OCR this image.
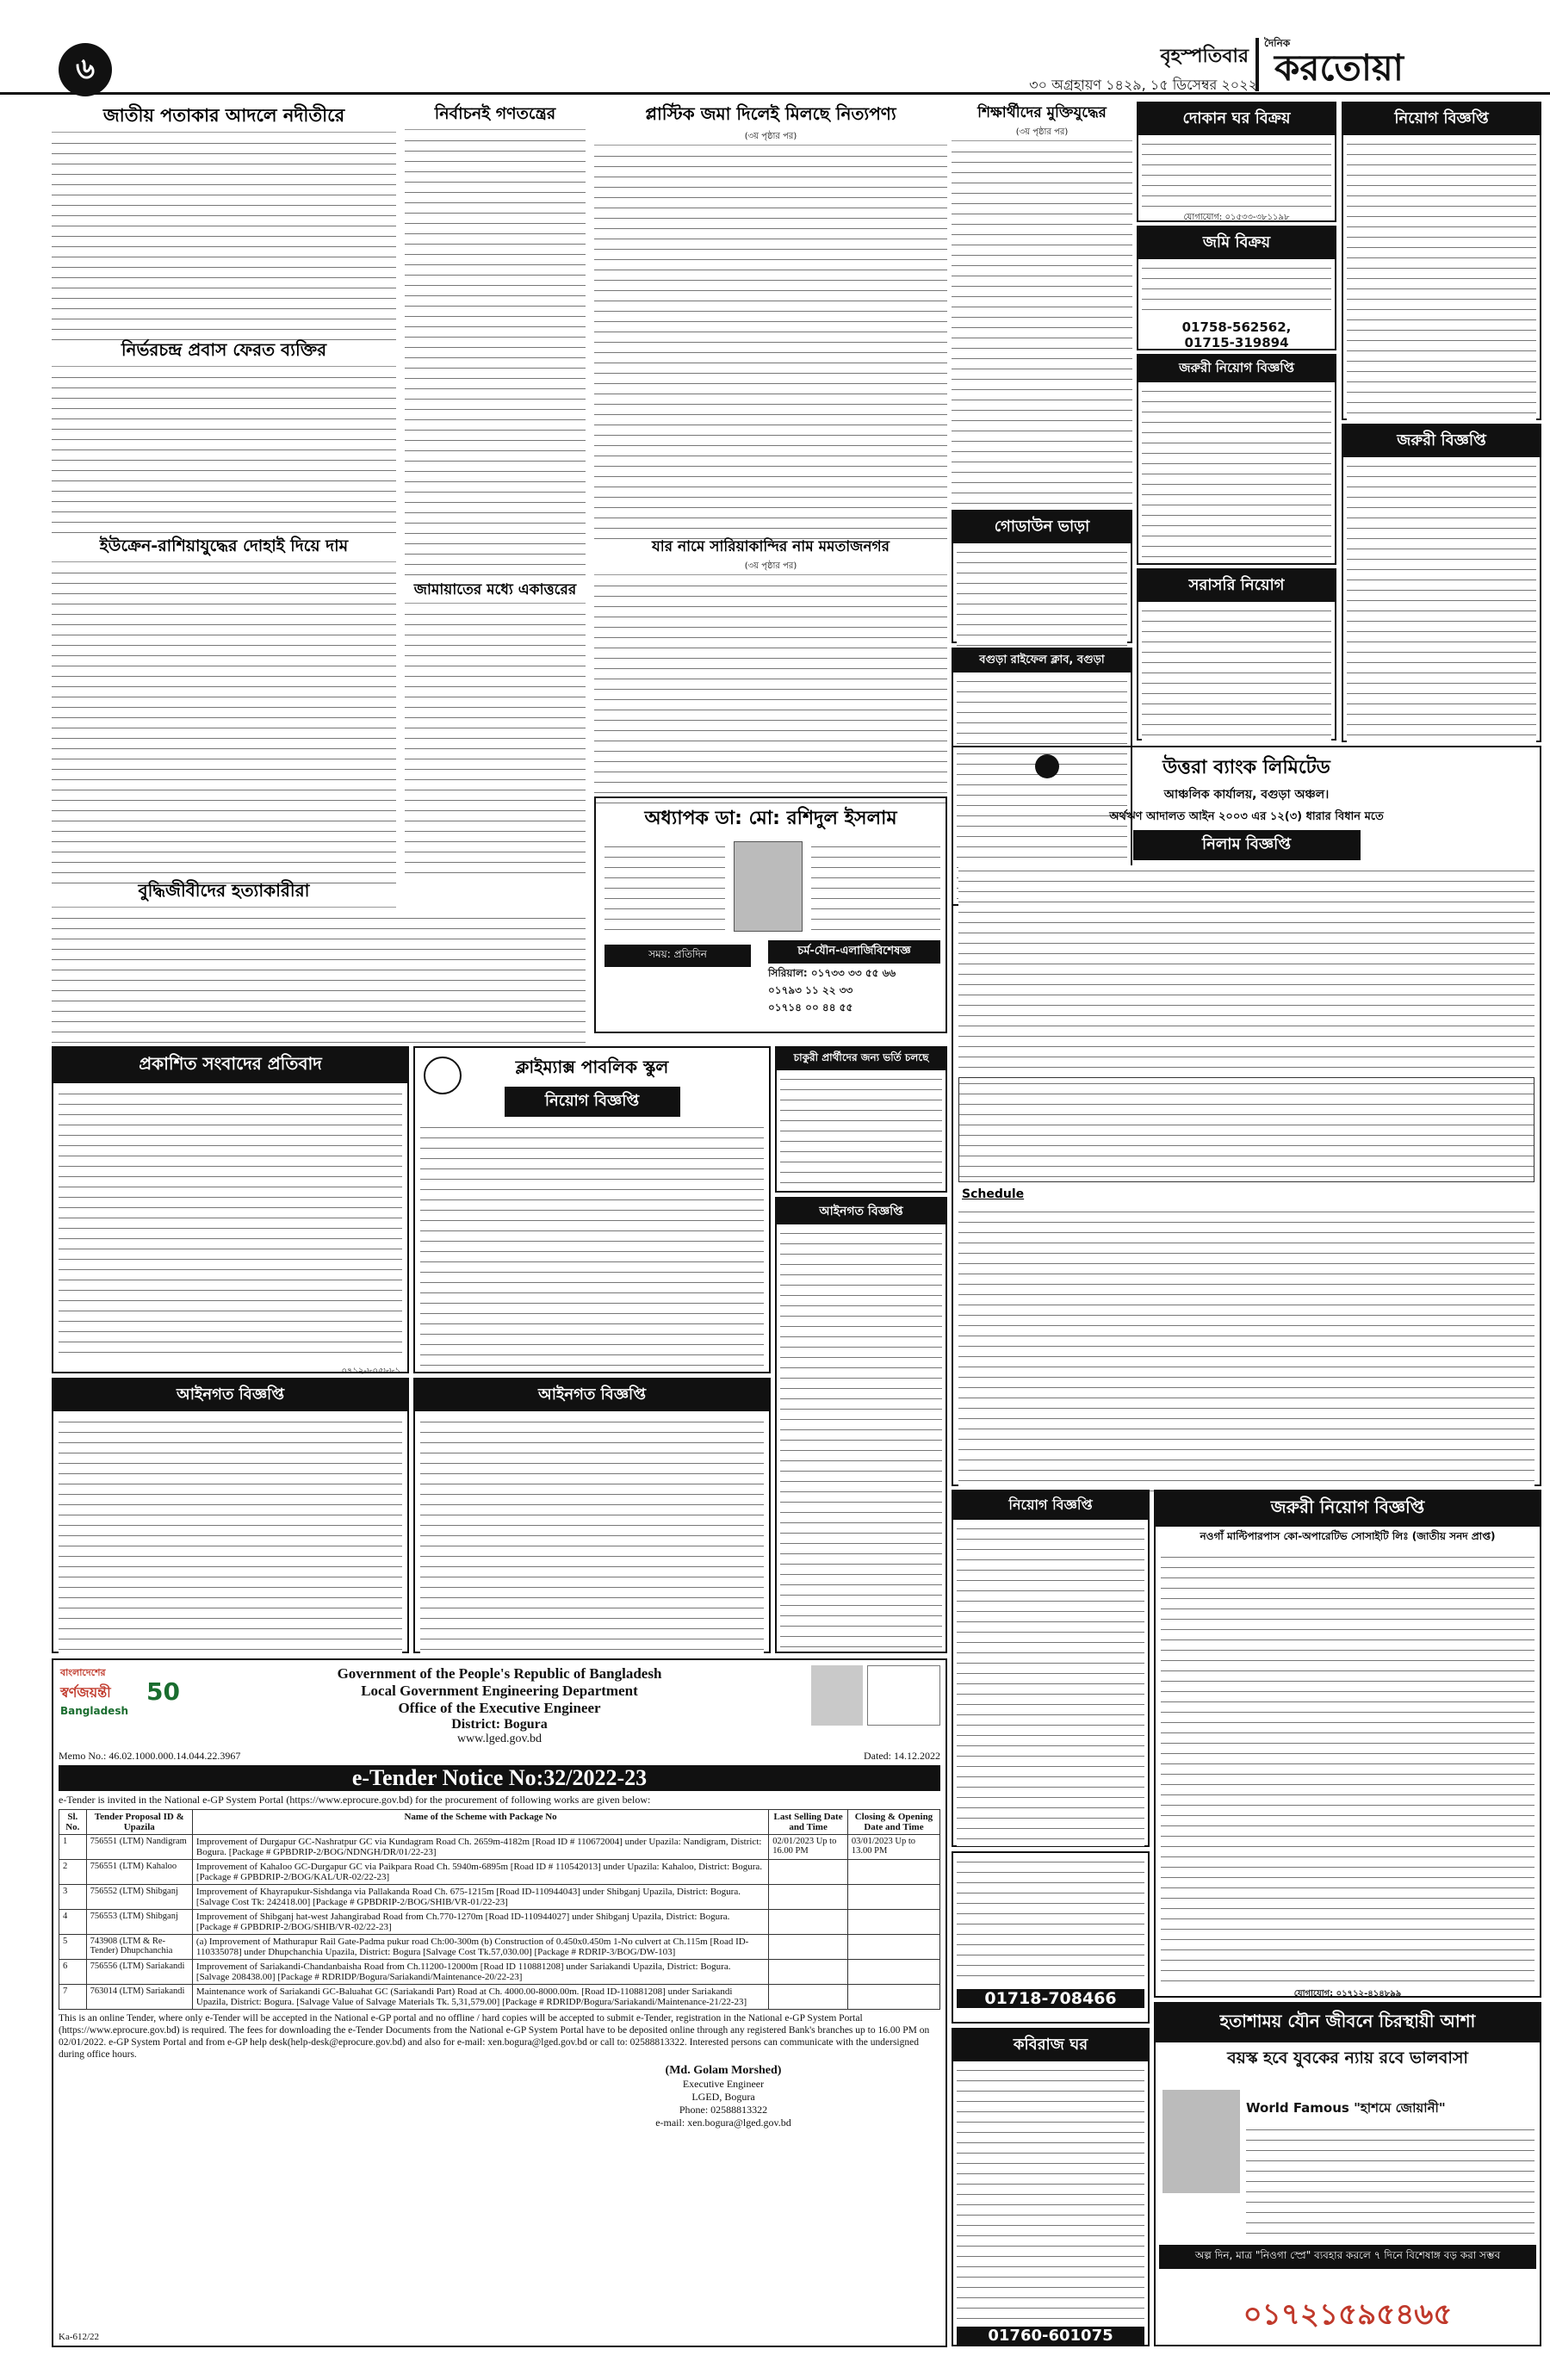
৬	বৃহস্পতিবার
দৈনিক
করতোয়া
৩০ অগ্রহায়ণ ১৪২৯, ১৫ ডিসেম্বর ২০২২
জাতীয় পতাকার আদলে নদীতীরে
নির্ভরচন্দ্র প্রবাস ফেরত ব্যক্তির
ইউক্রেন-রাশিয়াযুদ্ধের দোহাই দিয়ে দাম
বুদ্ধিজীবীদের হত্যাকারীরা
নির্বাচনই গণতন্ত্রের
জামায়াতের মধ্যে একাত্তরের
প্লাস্টিক জমা দিলেই মিলছে নিত্যপণ্য
(৩য় পৃষ্ঠার পর)
যার নামে সারিয়াকান্দির নাম মমতাজনগর
(৩য় পৃষ্ঠার পর)
শিক্ষার্থীদের মুক্তিযুদ্ধের
(৩য় পৃষ্ঠার পর)
অধ্যাপক ডা: মো: রশিদুল ইসলাম
চর্ম-যৌন-এলার্জিবিশেষজ্ঞ
সময়: প্রতিদিন
সিরিয়াল: ০১৭৩৩ ৩৩ ৫৫ ৬৬
০১৭৯৩ ১১ ২২ ৩৩
০১৭১৪ ০০ ৪৪ ৫৫
দোকান ঘর বিক্রয়
যোগাযোগ: ০১৫৩৩-৩৮১১৯৮
জমি বিক্রয়
01758-562562,
01715-319894
জরুরী নিয়োগ বিজ্ঞপ্তি
সরাসরি নিয়োগ
নিয়োগ বিজ্ঞপ্তি
জরুরী বিজ্ঞপ্তি
গোডাউন ভাড়া
বগুড়া রাইফেল ক্লাব, বগুড়া
উত্তরা ব্যাংক লিমিটেড
আঞ্চলিক কার্যালয়, বগুড়া অঞ্চল।
অর্থঋণ আদালত আইন ২০০৩ এর ১২(৩) ধারার বিধান মতে
নিলাম বিজ্ঞপ্তি
Schedule
প্রকাশিত সংবাদের প্রতিবাদ
০৭১২-৮০৫৮৮১
ক্লাইম্যাক্স পাবলিক স্কুল
নিয়োগ বিজ্ঞপ্তি
চাকুরী প্রার্থীদের জন্য ভর্তি চলছে
আইনগত বিজ্ঞপ্তি	আইনগত বিজ্ঞপ্তি
আইনগত বিজ্ঞপ্তি
বাংলাদেশের
স্বর্ণজয়ন্তী
Bangladesh
50
Government of the People's Republic of Bangladesh
Local Government Engineering Department
Office of the Executive Engineer
District: Bogura
www.lged.gov.bd
Memo No.: 46.02.1000.000.14.044.22.3967	Dated: 14.12.2022
e-Tender Notice No:32/2022-23
e-Tender is invited in the National e-GP System Portal (https://www.eprocure.gov.bd) for the procurement of following works are given below:
Sl. No.	Tender Proposal ID & Upazila	Name of the Scheme with Package No	Last Selling Date and Time	Closing & Opening Date and Time
1	756551 (LTM) Nandigram	Improvement of Durgapur GC-Nashratpur GC via Kundagram Road Ch. 2659m-4182m [Road ID # 110672004] under Upazila: Nandigram, District: Bogura. [Package # GPBDRIP-2/BOG/NDNGH/DR/01/22-23]	02/01/2023 Up to 16.00 PM	03/01/2023 Up to 13.00 PM
2	756551 (LTM) Kahaloo	Improvement of Kahaloo GC-Durgapur GC via Paikpara Road Ch. 5940m-6895m [Road ID # 110542013] under Upazila: Kahaloo, District: Bogura. [Package # GPBDRIP-2/BOG/KAL/UR-02/22-23]		
3	756552 (LTM) Shibganj	Improvement of Khayrapukur-Sishdanga via Pallakanda Road Ch. 675-1215m [Road ID-110944043] under Shibganj Upazila, District: Bogura. [Salvage Cost Tk: 242418.00] [Package # GPBDRIP-2/BOG/SHIB/VR-01/22-23]		
4	756553 (LTM) Shibganj	Improvement of Shibganj hat-west Jahangirabad Road from Ch.770-1270m [Road ID-110944027] under Shibganj Upazila, District: Bogura. [Package # GPBDRIP-2/BOG/SHIB/VR-02/22-23]		
5	743908 (LTM & Re-Tender) Dhupchanchia	(a) Improvement of Mathurapur Rail Gate-Padma pukur road Ch:00-300m (b) Construction of 0.450x0.450m 1-No culvert at Ch.115m [Road ID-110335078] under Dhupchanchia Upazila, District: Bogura [Salvage Cost Tk.57,030.00] [Package # RDRIP-3/BOG/DW-103]		
6	756556 (LTM) Sariakandi	Improvement of Sariakandi-Chandanbaisha Road from Ch.11200-12000m [Road ID 110881208] under Sariakandi Upazila, District: Bogura. [Salvage 208438.00] [Package # RDRIDP/Bogura/Sariakandi/Maintenance-20/22-23]		
7	763014 (LTM) Sariakandi	Maintenance work of Sariakandi GC-Baluahat GC (Sariakandi Part) Road at Ch. 4000.00-8000.00m. [Road ID-110881208] under Sariakandi Upazila, District: Bogura. [Salvage Value of Salvage Materials Tk. 5,31,579.00] [Package # RDRIDP/Bogura/Sariakandi/Maintenance-21/22-23]		
This is an online Tender, where only e-Tender will be accepted in the National e-GP portal and no offline / hard copies will be accepted to submit e-Tender, registration in the National e-GP System Portal (https://www.eprocure.gov.bd) is required. The fees for downloading the e-Tender Documents from the National e-GP System Portal have to be deposited online through any registered Bank's branches up to 16.00 PM on 02/01/2022. e-GP System Portal and from e-GP help desk(help-desk@eprocure.gov.bd) and also for e-mail: xen.bogura@lged.gov.bd or call to: 02588813322. Interested persons can communicate with the undersigned during office hours.
(Md. Golam Morshed)
Executive Engineer
LGED, Bogura
Phone: 02588813322
e-mail: xen.bogura@lged.gov.bd
Ka-612/22
নিয়োগ বিজ্ঞপ্তি	জরুরী নিয়োগ বিজ্ঞপ্তি
নওগাঁ মাল্টিপারপাস কো-অপারেটিভ সোসাইটি লিঃ (জাতীয় সনদ প্রাপ্ত)
যোগাযোগ: ০১৭১২-৪১৪৮৯৯
01718-708466
কবিরাজ ঘর
01760-601075
হতাশাময় যৌন জীবনে চিরস্থায়ী আশা
বয়স্ক হবে যুবকের ন্যায় রবে ভালবাসা
World Famous "হাশমে জোয়ানী"
অল্প দিন, মাত্র "নিওগা স্প্রে" ব্যবহার করলে ৭ দিনে বিশেষাঙ্গ বড় করা সম্ভব
০১৭২১৫৯৫৪৬৫
